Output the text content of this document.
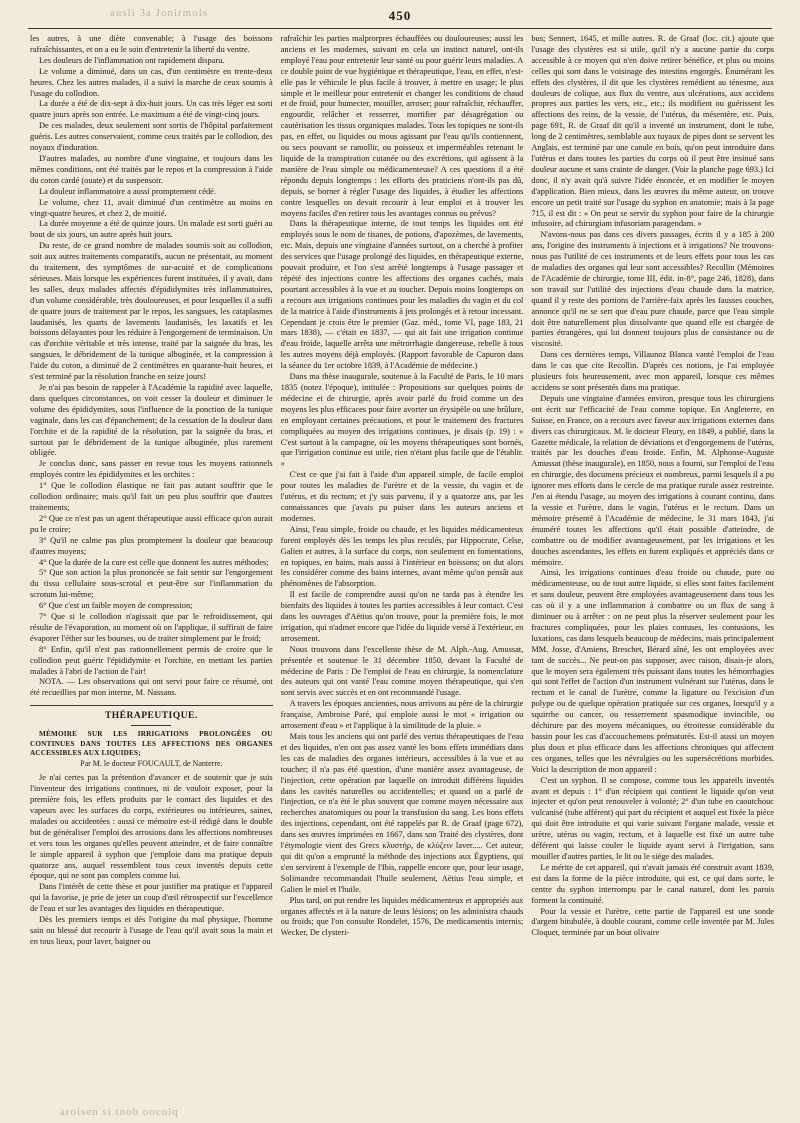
450
ausli 3a Jonirmols

les autres, à une diète convenable; à l'usage des boissons rafraîchissantes, et on a eu le soin d'entretenir la liberté du ventre.

Les douleurs de l'inflammation ont rapidement disparu.

Le volume a diminué, dans un cas, d'un centimètre en trente-deux heures. Chez les autres malades, il a suivi la marche de ceux soumis à l'usage du collodion.

La durée a été de dix-sept à dix-huit jours. Un cas très léger est sorti quatre jours après son entrée. Le maximum a été de vingt-cinq jours.

De ces malades, deux seulement sont sortis de l'hôpital parfaitement guéris. Les autres conservaient, comme ceux traités par le collodion, des noyaux d'induration.

D'autres malades, au nombre d'une vingtaine, et toujours dans les mêmes conditions, ont été traités par le repos et la compression à l'aide du coton cardé (ouate) et du suspensoir.

La douleur inflammatoire a aussi promptement cédé.

Le volume, chez 11, avait diminué d'un centimètre au moins en vingt-quatre heures, et chez 2, de moitié.

La durée moyenne a été de quinze jours. Un malade est sorti guéri au bout de six jours, un autre après huit jours.

Du reste, de ce grand nombre de malades soumis soit au collodion, soit aux autres traitements comparatifs, aucun ne présentait, au moment du traitement, des symptômes de sur-acuité et de complications sérieuses. Mais lorsque les expériences furent instituées, il y avait, dans les salles, deux malades affectés d'épididymites très inflammatoires, d'un volume considérable, très douloureuses, et pour lesquelles il a suffi de quatre jours de traitement par le repos, les sangsues, les cataplasmes laudanisés, les quarts de lavements laudanisés, les laxatifs et les boissons délayantes pour les réduire à l'engorgement de terminaison. Un cas d'orchite véritable et très intense, traité par la saignée du bras, les sangsues, le débridement de la tunique albuginée, et la compression à l'aide du coton, a diminué de 2 centimètres en quarante-huit heures, et s'est terminé par la résolution franche en seize jours!

Je n'ai pas besoin de rappeler à l'Académie la rapidité avec laquelle, dans quelques circonstances, on voit cesser la douleur et diminuer le volume des épididymites, sous l'influence de la ponction de la tunique vaginale, dans les cas d'épanchement; de la cessation de la douleur dans l'orchite et de la rapidité de la résolution, par la saignée du bras, et surtout par le débridement de la tunique albuginée, plus rarement obligée.

Je conclus donc, sans passer en revue tous les moyens rationnels employés contre les épididymites et les orchites :

1° Que le collodion élastique ne fait pas autant souffrir que le collodion ordinaire; mais qu'il fait un peu plus souffrir que d'autres traitements;

2° Que ce n'est pas un agent thérapeutique aussi efficace qu'on aurait pu le croire;

3° Qu'il ne calme pas plus promptement la douleur que beaucoup d'autres moyens;

4° Que la durée de la cure est celle que donnent les autres méthodes;

5° Que son action la plus prononcée se fait sentir sur l'engorgement du tissu cellulaire sous-scrotal et peut-être sur l'inflammation du scrotum lui-même;

6° Que c'est un faible moyen de compression;

7° Que si le collodion n'agissait que par le refroidissement, qui résulte de l'évaporation, au moment où on l'applique, il suffirait de faire évaporer l'éther sur les bourses, ou de traiter simplement par le froid;

8° Enfin, qu'il n'est pas rationnellement permis de croire que le collodion peut guérir l'épididymite et l'orchite, en mettant les parties malades à l'abri de l'action de l'air!

NOTA. — Les observations qui ont servi pour faire ce résumé, ont été recueillies par mon interne, M. Nassans.

THÉRAPEUTIQUE.

MÉMOIRE SUR LES IRRIGATIONS PROLONGÉES OU CONTINUES DANS TOUTES LES AFFECTIONS DES ORGANES ACCESSIBLES AUX LIQUIDES;

Par M. le docteur FOUCAULT, de Nanterre.

Je n'ai certes pas la prétention d'avancer et de soutenir que je suis l'inventeur des irrigations continues, ni de vouloir exposer, pour la première fois, les effets produits par le contact des liquides et des vapeurs avec les surfaces du corps, extérieures ou intérieures, saines, malades ou accidentées : aussi ce mémoire est-il rédigé dans le double but de généraliser l'emploi des arrosions dans les affections nombreuses et vers tous les organes qu'elles peuvent atteindre, et de faire connaître le simple appareil à syphon que j'emploie dans ma pratique depuis quatorze ans, auquel ressemblent tous ceux inventés depuis cette époque, qui ne sont pas complets comme lui.

Dans l'intérêt de cette thèse et pour justifier ma pratique et l'appareil qui la favorise, je prie de jeter un coup d'œil rétrospectif sur l'excellence de l'eau et sur les avantages des liquides en thérapeutique.

Dès les premiers temps et dès l'origine du mal physique, l'homme sain ou blessé dut recourir à l'usage de l'eau qu'il avait sous la main et en tous lieux, pour laver, baigner ou

rafraîchir les parties malprorpres échauffées ou douloureuses; aussi les anciens et les modernes, suivant en cela un instinct naturel, ont-ils employé l'eau pour entretenir leur santé ou pour guérir leurs maladies. A ce double point de vue hygiénique et thérapeutique, l'eau, en effet, n'est-elle pas le véhicule le plus facile à trouver, à mettre en usage; le plus simple et le meilleur pour entretenir et changer les conditions de chaud et de froid, pour humecter, mouiller, arroser; pour rafraîchir, réchauffer, engourdir, relâcher et resserrer, mortifier par désagrégation ou cautérisation les tissus organiques malades. Tous les topiques ne sont-ils pas, en effet, ou liquides ou mous agissant par l'eau qu'ils contiennent, ou secs pouvant se ramollir, ou poisseux et imperméables retenant le liquide de la transpiration cutanée ou des excrétions, qui agissent à la manière de l'eau simple ou médicamenteuse? A ces questions il a été répondu depuis longtemps : les efforts des praticiens n'ont-ils pas dû, depuis, se borner à régler l'usage des liquides, à étudier les affections contre lesquelles on devait recourir à leur emploi et à trouver les moyens faciles d'en retirer tous les avantages connus ou prévus?

Dans la thérapeutique interne, de tout temps les liquides ont été employés sous le nom de tisanes, de potions, d'apozèmes, de lavements, etc. Mais, depuis une vingtaine d'années surtout, on a cherché à profiter des services que l'usage prolongé des liquides, en thérapeutique externe, pouvait produire, et l'on s'est arrêté longtemps à l'usage passager et répété des injections contre les affections des organes cachés, mais pourtant accessibles à la vue et au toucher. Depuis moins longtemps on a recours aux irrigations continues pour les maladies du vagin et du col de la matrice à l'aide d'instruments à jets prolongés et à retour incessant. Cependant je crois être le premier (Gaz. méd., tome VI, page 183, 21 mars 1838), — c'était en 1837, — qui ait fait une irrigation continue d'eau froide, laquelle arrêta une métrorrhagie dangereuse, rebelle à tous les autres moyens déjà employés. (Rapport favorable de Capuron dans la séance du 1er octobre 1839, à l'Académie de médecine.)

Dans ma thèse inaugurale, soutenue à la Faculté de Paris, le 10 mars 1835 (notez l'époque), intitulée : Propositions sur quelques points de médecine et de chirurgie, après avoir parlé du froid comme un des moyens les plus efficaces pour faire avorter un érysipèle ou une brûlure, en employant certaines précautions, et pour le traitement des fractures compliquées au moyen des irrigations continues, je disais (p. 19) : « C'est surtout à la campagne, où les moyens thérapeutiques sont bornés, que l'irrigation continue est utile, rien n'étant plus facile que de l'établir. »

C'est ce que j'ai fait à l'aide d'un appareil simple, de facile emploi pour toutes les maladies de l'urètre et de la vessie, du vagin et de l'utérus, et du rectum; et j'y suis parvenu, il y a quatorze ans, par les connaissances que j'avais pu puiser dans les auteurs anciens et modernes.

Ainsi, l'eau simple, froide ou chaude, et les liquides médicamenteux furent employés dès les temps les plus reculés, par Hippocrate, Celse, Galien et autres, à la surface du corps, non seulement en fomentations, en topiques, en bains, mais aussi à l'intérieur en boissons; on dut alors les considérer comme des bains internes, avant même qu'on pensât aux phénomènes de l'absorption.

Il est facile de comprendre aussi qu'on ne tarda pas à étendre les bienfaits des liquides à toutes les parties accessibles à leur contact. C'est dans les ouvrages d'Aëtius qu'on trouve, pour la première fois, le mot irrigation, qui n'admet encore que l'idée du liquide versé à l'extérieur, en arrosement.

Nous trouvons dans l'excellente thèse de M. Alph.-Aug. Amussat, présentée et soutenue le 31 décembre 1850, devant la Faculté de médecine de Paris : De l'emploi de l'eau en chirurgie, la nomenclature des auteurs qui ont vanté l'eau comme moyen thérapeutique, qui s'en sont servis avec succès et en ont recommandé l'usage.

A travers les époques anciennes, nous arrivons au père de la chirurgie française, Ambroise Paré, qui emploie aussi le mot « irrigation ou arrosement d'eau » et l'applique à la similitude de la pluie. »

Mais tous les anciens qui ont parlé des vertus thérapeutiques de l'eau et des liquides, n'en ont pas assez vanté les bons effets immédiats dans les cas de maladies des organes intérieurs, accessibles à la vue et au toucher; il n'a pas été question, d'une manière assez avantageuse, de l'injection, cette opération par laquelle on introduit différens liquides dans les cavités naturelles ou accidentelles; et quand on a parlé de l'injection, ce n'a été le plus souvent que comme moyen nécessaire aux recherches anatomiques ou pour la transfusion du sang. Les bons effets des injections, cependant, ont été rappelés par R. de Graaf (page 672), dans ses œuvres imprimées en 1667, dans son Traité des clystères, dont l'étymologie vient des Grecs κλυστήρ, de κλύζειν laver..... Cet auteur, qui dit qu'on a emprunté la méthode des injections aux Égyptiens, qui s'en servirent à l'exemple de l'Ibis, rappelle encore que, pour leur usage, Solimandre recommandait l'huile seulement, Aëtius l'eau simple, et Galien le miel et l'huile.

Plus tard, on put rendre les liquides médicamenteux et appropriés aux organes affectés et à la nature de leurs lésions; on les administra chauds ou froids; que l'on consulte Rondelet, 1576, De medicamentis internis; Wecker, De clysteri-

bus; Sennert, 1645, et mille autres. R. de Graaf (loc. cit.) ajoute que l'usage des clystères est si utile, qu'il n'y a aucune partie du corps accessible à ce moyen qui n'en doive retirer bénéfice, et plus ou moins celles qui sont dans le voisinage des intestins engorgés. Énumérant les effets des clystères, il dit que les clystères remédient au ténesme, aux douleurs de colique, aux flux du ventre, aux ulcérations, aux accidens propres aux parties les vers, etc., etc.; ils modifient ou guérissent les affections des reins, de la vessie, de l'utérus, du mésentère, etc. Puis, page 691, R. de Graaf dit qu'il a inventé un instrument, dont le tube, long de 2 centimètres, semblable aux tuyaux de pipes dont se servent les Anglais, est terminé par une canule en bois, qu'on peut introduire dans l'utérus et dans toutes les parties du corps où il peut être insinué sans douleur aucune et sans crainte de danger. (Voir la planche page 693.) Ici donc, il n'y avait qu'à suivre l'idée énoncée, et en modifier le moyen d'application. Bien mieux, dans les œuvres du même auteur, on trouve encore un petit traité sur l'usage du syphon en anatomie; mais à la page 715, il est dit : « On peut se servir du syphon pour faire de la chirurgie infusoire, ad chirurgiam infusoriam paragendam. »

N'avons-nous pas dans ces divers passages, écrits il y a 185 à 200 ans, l'origine des instruments à injections et à irrigations? Ne trouvons-nous pas l'utilité de ces instruments et de leurs effets pour tous les cas de maladies des organes qui leur sont accessibles? Recollin (Mémoires de l'Académie de chirurgie, tome III, édit. in-8°, page 246, 1828), dans son travail sur l'utilité des injections d'eau chaude dans la matrice, quand il y reste des portions de l'arrière-faix après les fausses couches, annonce qu'il ne se sert que d'eau pure chaude, parce que l'eau simple doit être naturellement plus dissolvante que quand elle est chargée de parties étrangères, qui lui donnent toujours plus de consistance ou de viscosité.

Dans ces dernières temps, Villaunoz Blanca vanté l'emploi de l'eau dans le cas que cite Recollin. D'après ces notions, je l'ai employée plusieurs fois heureusement, avec mon appareil, lorsque ces mêmes accidens se sont présentés dans ma pratique.

Depuis une vingtaine d'années environ, presque tous les chirurgiens ont écrit sur l'efficacité de l'eau comme topique. En Angleterre, en Suisse, en France, on a recours avec faveur aux irrigations externes dans divers cas chirurgicaux. M. le docteur Fleury, en 1849, a publié, dans la Gazette médicale, la relation de déviations et d'engorgemens de l'utérus, traités par les douches d'eau froide. Enfin, M. Alphonse-Auguste Amussat (thèse inaugurale), en 1850, nous a fourni, sur l'emploi de l'eau en chirurgie, des documens précieux et nombreux, parmi lesquels il a pu ignorer mes efforts dans le cercle de ma pratique rurale assez restreinte. J'en ai étendu l'usage, au moyen des irrigations à courant continu, dans la vessie et l'urètre, dans le vagin, l'utérus et le rectum. Dans un mémoire présenté à l'Académie de médecine, le 31 mars 1843, j'ai énuméré toutes les affections qu'il était possible d'atteindre, de combattre ou de modifier avantageusement, par les irrigations et les douches ascendantes, les effets en furent expliqués et appréciés dans ce mémoire.

Ainsi, les irrigations continues d'eau froide ou chaude, pure ou médicamenteuse, ou de tout autre liquide, si elles sont faites facilement et sans douleur, peuvent être employées avantageusement dans tous les cas où il y a une inflammation à combattre ou un flux de sang à diminuer ou à arrêter : on ne peut plus la réserver seulement pour les fractures compliquées, pour les plaies contuses, les contusions, les luxations, cas dans lesquels beaucoup de médecins, mais principalement MM. Josse, d'Amiens, Breschet, Bérard aîné, les ont employées avec tant de succès... Ne peut-on pas supposer, avec raison, disais-je alors, que le moyen sera également très puissant dans toutes les hémorrhagies qui sont l'effet de l'action d'un instrument vulnérant sur l'utérus, dans le rectum et le canal de l'urètre, comme la ligature ou l'excision d'un polype ou de quelque opération pratiquée sur ces organes, lorsqu'il y a squirrhe ou cancer, ou resserrement spasmodique invincible, ou déchirure par des moyens mécaniques, ou étroitesse considérable du bassin pour les cas d'accouchemens prématurés. Est-il aussi un moyen plus doux et plus efficace dans les affections chroniques qui affectent ces organes, telles que les névralgies ou les supersécrétions morbides. Voici la description de mon appareil :

C'est un syphon. Il se compose, comme tous les appareils inventés avant et depuis : 1° d'un récipient qui contient le liquide qu'on veut injecter et qu'on peut renouveler à volonté; 2° d'un tube en caoutchouc vulcanisé (tube afférent) qui part du récipient et auquel est fixée la pièce qui doit être introduite et qui varie suivant l'organe malade, vessie et urètre, utérus ou vagin, rectum, et à laquelle est fixé un autre tube déférent qui laisse couler le liquide ayant servi à l'irrigation, sans mouiller d'autres parties, le lit ou le siége des malades.

Le mérite de cet appareil, qui n'avait jamais été construit avant 1839, est dans la forme de la pièce introduite, qui est, ce qui dans sorte, le centre du syphon interrompu par le canal naturel, dont les parois forment la continuité.

Pour la vessie et l'urètre, cette partie de l'appareil est une sonde d'argent bitubulée, à double courant, comme celle inventée par M. Jules Cloquet, terminée par un bout olivaire

aroisen si tnob oocolq
